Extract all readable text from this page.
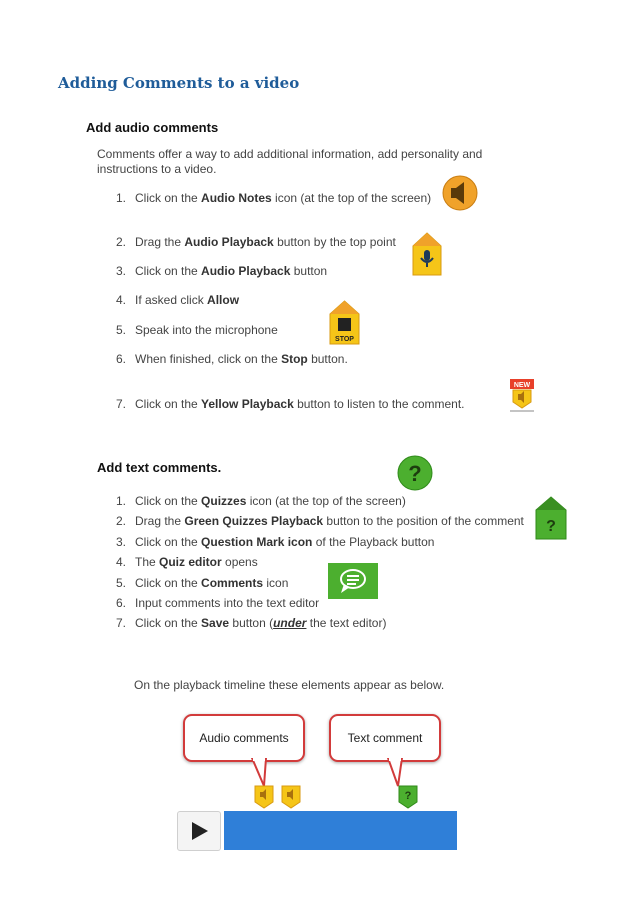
Adding Comments to a video
Add audio comments
Comments offer a way to add additional information, add personality and
instructions to a video.
1. Click on the Audio Notes icon (at the top of the screen)
2. Drag the Audio Playback button by the top point
3. Click on the Audio Playback button
4. If asked click Allow
5. Speak into the microphone
6. When finished, click on the Stop button.
7. Click on the Yellow Playback button to listen to the comment.
STOP
NEW
Add text comments.	?
1. Click on the Quizzes icon (at the top of the screen)
2. Drag the Green Quizzes Playback button to the position of the comment
3. Click on the Question Mark icon of the Playback button
4. The Quiz editor opens
5. Click on the Comments icon
6. Input comments into the text editor
7. Click on the Save button (under the text editor)
?
On the playback timeline these elements appear as below.
Audio comments	Text comment
?
